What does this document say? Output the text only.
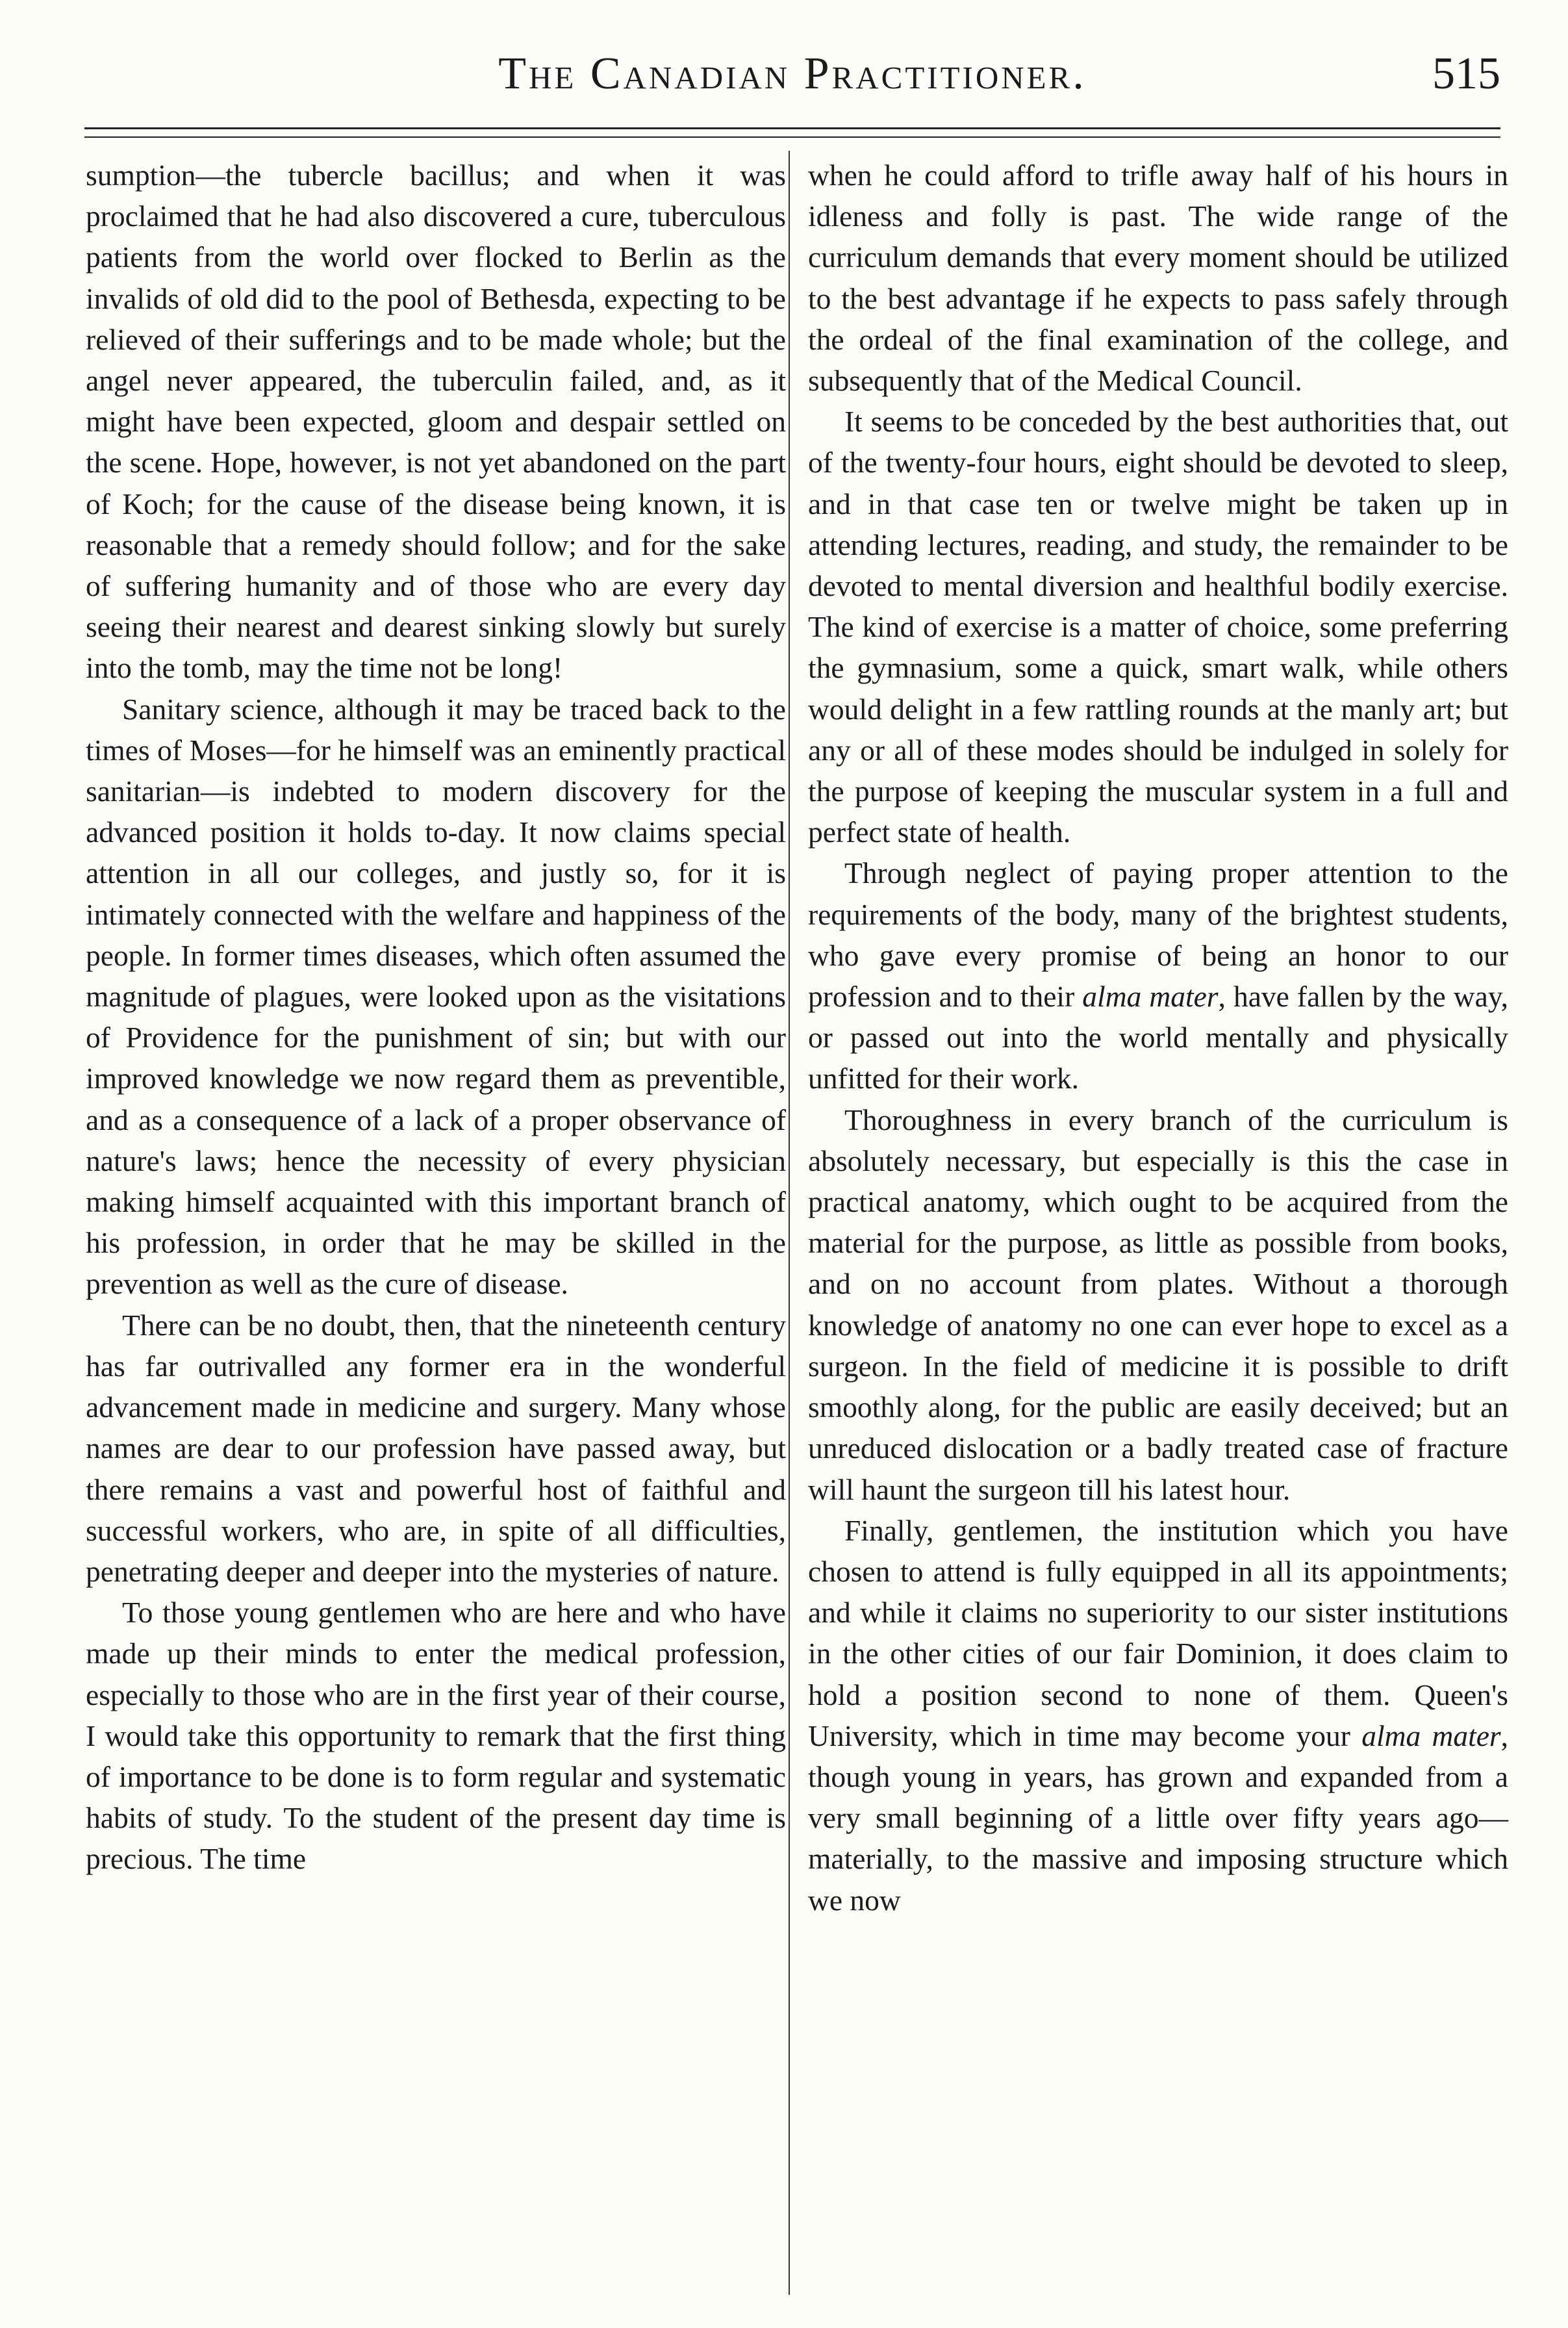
The Canadian Practitioner.	515

sumption—the tubercle bacillus; and when it was proclaimed that he had also discovered a cure, tuberculous patients from the world over flocked to Berlin as the invalids of old did to the pool of Bethesda, expecting to be relieved of their sufferings and to be made whole; but the angel never appeared, the tuberculin failed, and, as it might have been expected, gloom and despair settled on the scene. Hope, however, is not yet abandoned on the part of Koch; for the cause of the disease being known, it is reasonable that a remedy should follow; and for the sake of suffering humanity and of those who are every day seeing their nearest and dearest sinking slowly but surely into the tomb, may the time not be long!

Sanitary science, although it may be traced back to the times of Moses—for he himself was an eminently practical sanitarian—is indebted to modern discovery for the advanced position it holds to-day. It now claims special attention in all our colleges, and justly so, for it is intimately connected with the welfare and happiness of the people. In former times diseases, which often assumed the magnitude of plagues, were looked upon as the visitations of Providence for the punishment of sin; but with our improved knowledge we now regard them as preventible, and as a consequence of a lack of a proper observance of nature's laws; hence the necessity of every physician making himself acquainted with this important branch of his profession, in order that he may be skilled in the prevention as well as the cure of disease.

There can be no doubt, then, that the nineteenth century has far outrivalled any former era in the wonderful advancement made in medicine and surgery. Many whose names are dear to our profession have passed away, but there remains a vast and powerful host of faithful and successful workers, who are, in spite of all difficulties, penetrating deeper and deeper into the mysteries of nature.

To those young gentlemen who are here and who have made up their minds to enter the medical profession, especially to those who are in the first year of their course, I would take this opportunity to remark that the first thing of importance to be done is to form regular and systematic habits of study. To the student of the present day time is precious. The time

when he could afford to trifle away half of his hours in idleness and folly is past. The wide range of the curriculum demands that every moment should be utilized to the best advantage if he expects to pass safely through the ordeal of the final examination of the college, and subsequently that of the Medical Council.

It seems to be conceded by the best authorities that, out of the twenty-four hours, eight should be devoted to sleep, and in that case ten or twelve might be taken up in attending lectures, reading, and study, the remainder to be devoted to mental diversion and healthful bodily exercise. The kind of exercise is a matter of choice, some preferring the gymnasium, some a quick, smart walk, while others would delight in a few rattling rounds at the manly art; but any or all of these modes should be indulged in solely for the purpose of keeping the muscular system in a full and perfect state of health.

Through neglect of paying proper attention to the requirements of the body, many of the brightest students, who gave every promise of being an honor to our profession and to their alma mater, have fallen by the way, or passed out into the world mentally and physically unfitted for their work.

Thoroughness in every branch of the curriculum is absolutely necessary, but especially is this the case in practical anatomy, which ought to be acquired from the material for the purpose, as little as possible from books, and on no account from plates. Without a thorough knowledge of anatomy no one can ever hope to excel as a surgeon. In the field of medicine it is possible to drift smoothly along, for the public are easily deceived; but an unreduced dislocation or a badly treated case of fracture will haunt the surgeon till his latest hour.

Finally, gentlemen, the institution which you have chosen to attend is fully equipped in all its appointments; and while it claims no superiority to our sister institutions in the other cities of our fair Dominion, it does claim to hold a position second to none of them. Queen's University, which in time may become your alma mater, though young in years, has grown and expanded from a very small beginning of a little over fifty years ago—materially, to the massive and imposing structure which we now
